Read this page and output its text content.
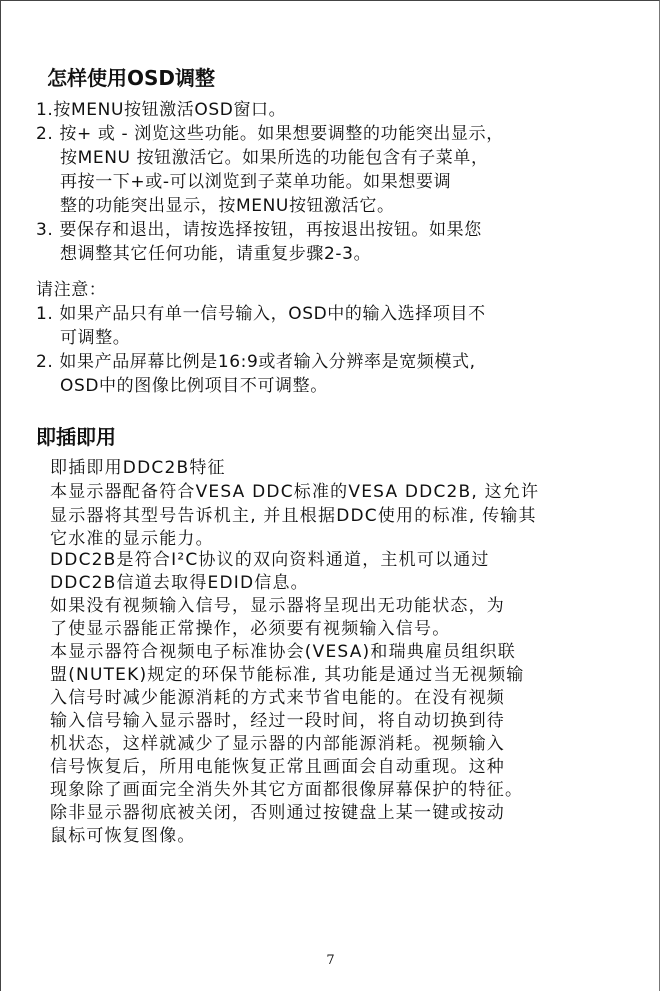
怎样使用OSD调整
1.按MENU按钮激活OSD窗口。
2. 按+ 或 - 浏览这些功能。如果想要调整的功能突出显示，
按MENU 按钮激活它。如果所选的功能包含有子菜单，
再按一下+或-可以浏览到子菜单功能。如果想要调
整的功能突出显示，按MENU按钮激活它。
3. 要保存和退出，请按选择按钮，再按退出按钮。如果您
想调整其它任何功能，请重复步骤2-3。
请注意：
1. 如果产品只有单一信号输入，OSD中的输入选择项目不
可调整。
2. 如果产品屏幕比例是16:9或者输入分辨率是宽频模式,
OSD中的图像比例项目不可调整。
即插即用
即插即用DDC2B特征
本显示器配备符合VESA DDC标准的VESA DDC2B, 这允许
显示器将其型号告诉机主, 并且根据DDC使用的标准, 传输其
它水准的显示能力。
DDC2B是符合I²C协议的双向资料通道，主机可以通过
DDC2B信道去取得EDID信息。
如果没有视频输入信号，显示器将呈现出无功能状态，为
了使显示器能正常操作，必须要有视频输入信号。
本显示器符合视频电子标准协会(VESA)和瑞典雇员组织联
盟(NUTEK)规定的环保节能标准, 其功能是通过当无视频输
入信号时减少能源消耗的方式来节省电能的。在没有视频
输入信号输入显示器时，经过一段时间，将自动切换到待
机状态，这样就减少了显示器的内部能源消耗。视频输入
信号恢复后，所用电能恢复正常且画面会自动重现。这种
现象除了画面完全消失外其它方面都很像屏幕保护的特征。
除非显示器彻底被关闭，否则通过按键盘上某一键或按动
鼠标可恢复图像。
7
